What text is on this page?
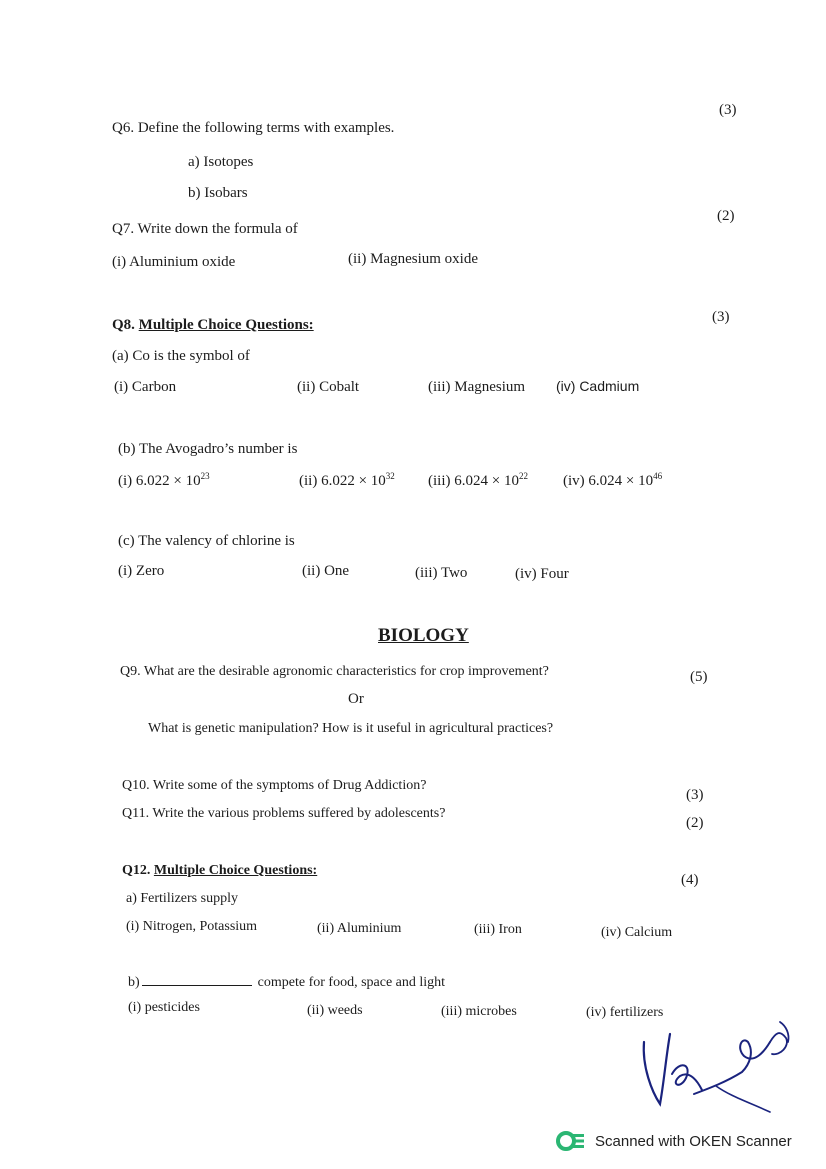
(3)
Q6. Define the following terms with examples.
a) Isotopes
b) Isobars
(2)
Q7. Write down the formula of
(i) Aluminium oxide	(ii) Magnesium oxide
(3)
Q8. Multiple Choice Questions:
(a) Co is the symbol of
(i) Carbon	(ii) Cobalt	(iii) Magnesium (iv) Cadmium
(b) The Avogadro’s number is
(i) $6.022 \times 10^{23}$	(ii) $6.022 \times 10^{32}$ (iii) $6.024 \times 10^{22}$ (iv) $6.024 \times 10^{46}$
(c) The valency of chlorine is
(i) Zero	(ii) One	(iii) Two	(iv) Four
BIOLOGY
Q9. What are the desirable agronomic characteristics for crop improvement?	(5)
Or
What is genetic manipulation? How is it useful in agricultural practices?
Q10. Write some of the symptoms of Drug Addiction?
(3)
Q11. Write the various problems suffered by adolescents?
(2)
Q12. Multiple Choice Questions:
(4)
a) Fertilizers supply
(i) Nitrogen, Potassium	(ii) Aluminium	(iii) Iron	(iv) Calcium
b)	compete for food, space and light
(i) pesticides	(ii) weeds	(iii) microbes	(iv) fertilizers
Scanned with OKEN Scanner
